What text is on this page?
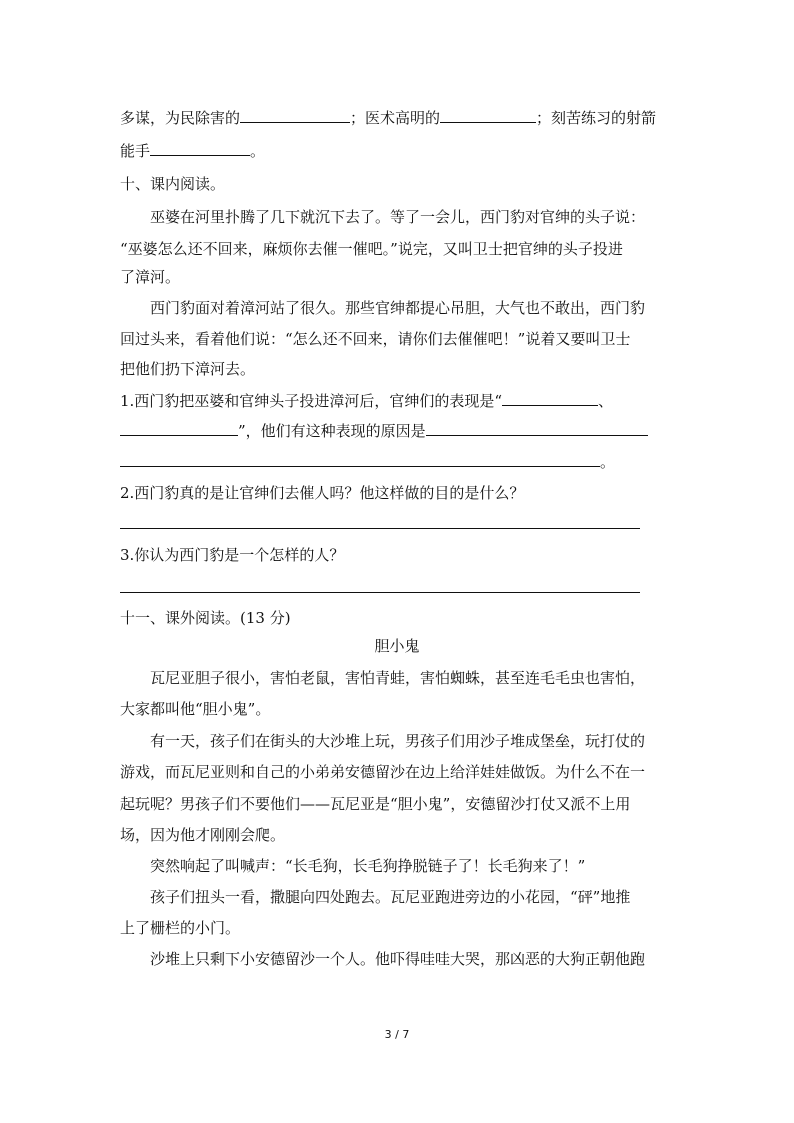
多谋，为民除害的	；医术高明的	；刻苦练习的射箭
能手	。
十、课内阅读。
巫婆在河里扑腾了几下就沉下去了。等了一会儿，西门豹对官绅的头子说：
“巫婆怎么还不回来，麻烦你去催一催吧。”说完，又叫卫士把官绅的头子投进
了漳河。
西门豹面对着漳河站了很久。那些官绅都提心吊胆，大气也不敢出，西门豹
回过头来，看着他们说：“怎么还不回来，请你们去催催吧！”说着又要叫卫士
把他们扔下漳河去。
1.西门豹把巫婆和官绅头子投进漳河后，官绅们的表现是“	、
”，他们有这种表现的原因是
。
2.西门豹真的是让官绅们去催人吗？他这样做的目的是什么？
3.你认为西门豹是一个怎样的人？
十一、课外阅读。(13 分)
胆小鬼
瓦尼亚胆子很小，害怕老鼠，害怕青蛙，害怕蜘蛛，甚至连毛毛虫也害怕，
大家都叫他“胆小鬼”。
有一天，孩子们在街头的大沙堆上玩，男孩子们用沙子堆成堡垒，玩打仗的
游戏，而瓦尼亚则和自己的小弟弟安德留沙在边上给洋娃娃做饭。为什么不在一
起玩呢？男孩子们不要他们——瓦尼亚是“胆小鬼”，安德留沙打仗又派不上用
场，因为他才刚刚会爬。
突然响起了叫喊声：“长毛狗，长毛狗挣脱链子了！长毛狗来了！”
孩子们扭头一看，撒腿向四处跑去。瓦尼亚跑进旁边的小花园，“砰”地推
上了栅栏的小门。
沙堆上只剩下小安德留沙一个人。他吓得哇哇大哭，那凶恶的大狗正朝他跑
3 / 7
